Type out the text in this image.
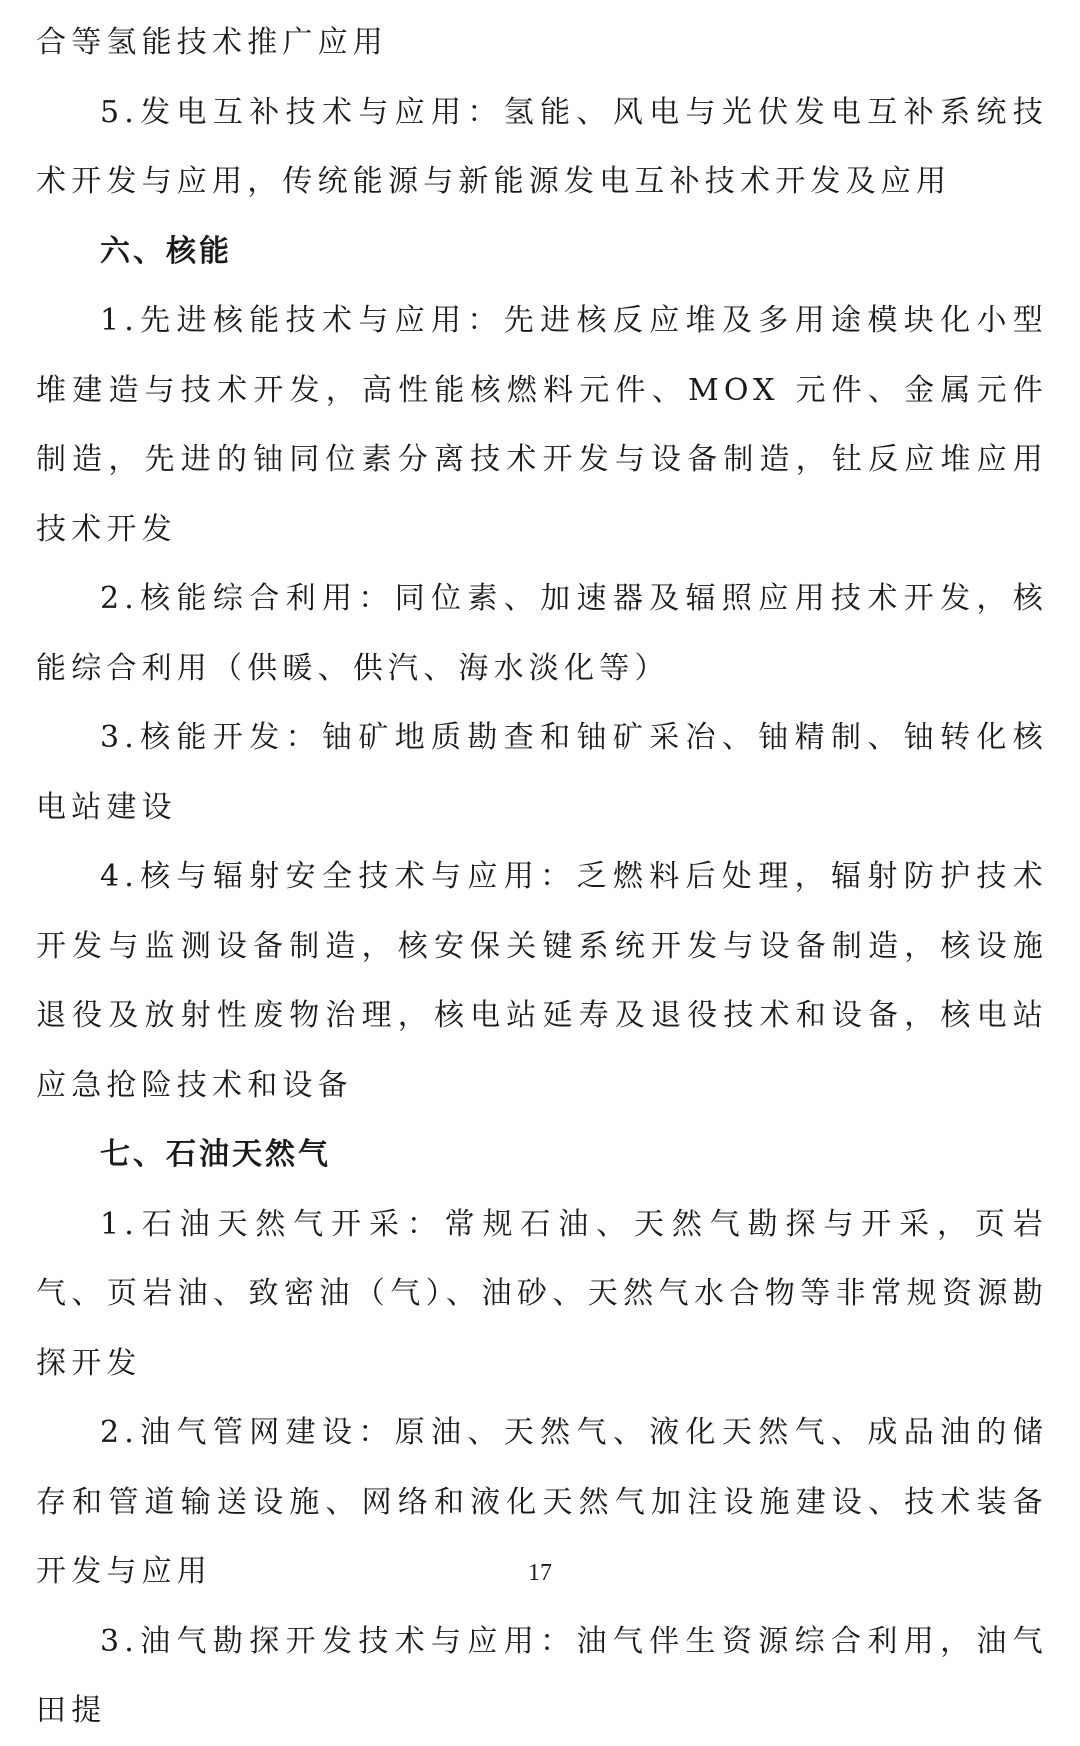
合等氢能技术推广应用

5.发电互补技术与应用：氢能、风电与光伏发电互补系统技术开发与应用，传统能源与新能源发电互补技术开发及应用

六、核能

1.先进核能技术与应用：先进核反应堆及多用途模块化小型堆建造与技术开发，高性能核燃料元件、MOX 元件、金属元件制造，先进的铀同位素分离技术开发与设备制造，钍反应堆应用技术开发

2.核能综合利用：同位素、加速器及辐照应用技术开发，核能综合利用（供暖、供汽、海水淡化等）

3.核能开发：铀矿地质勘查和铀矿采冶、铀精制、铀转化核电站建设

4.核与辐射安全技术与应用：乏燃料后处理，辐射防护技术开发与监测设备制造，核安保关键系统开发与设备制造，核设施退役及放射性废物治理，核电站延寿及退役技术和设备，核电站应急抢险技术和设备

七、石油天然气

1.石油天然气开采：常规石油、天然气勘探与开采，页岩气、页岩油、致密油（气）、油砂、天然气水合物等非常规资源勘探开发

2.油气管网建设：原油、天然气、液化天然气、成品油的储存和管道输送设施、网络和液化天然气加注设施建设、技术装备开发与应用

3.油气勘探开发技术与应用：油气伴生资源综合利用，油气田提

17
